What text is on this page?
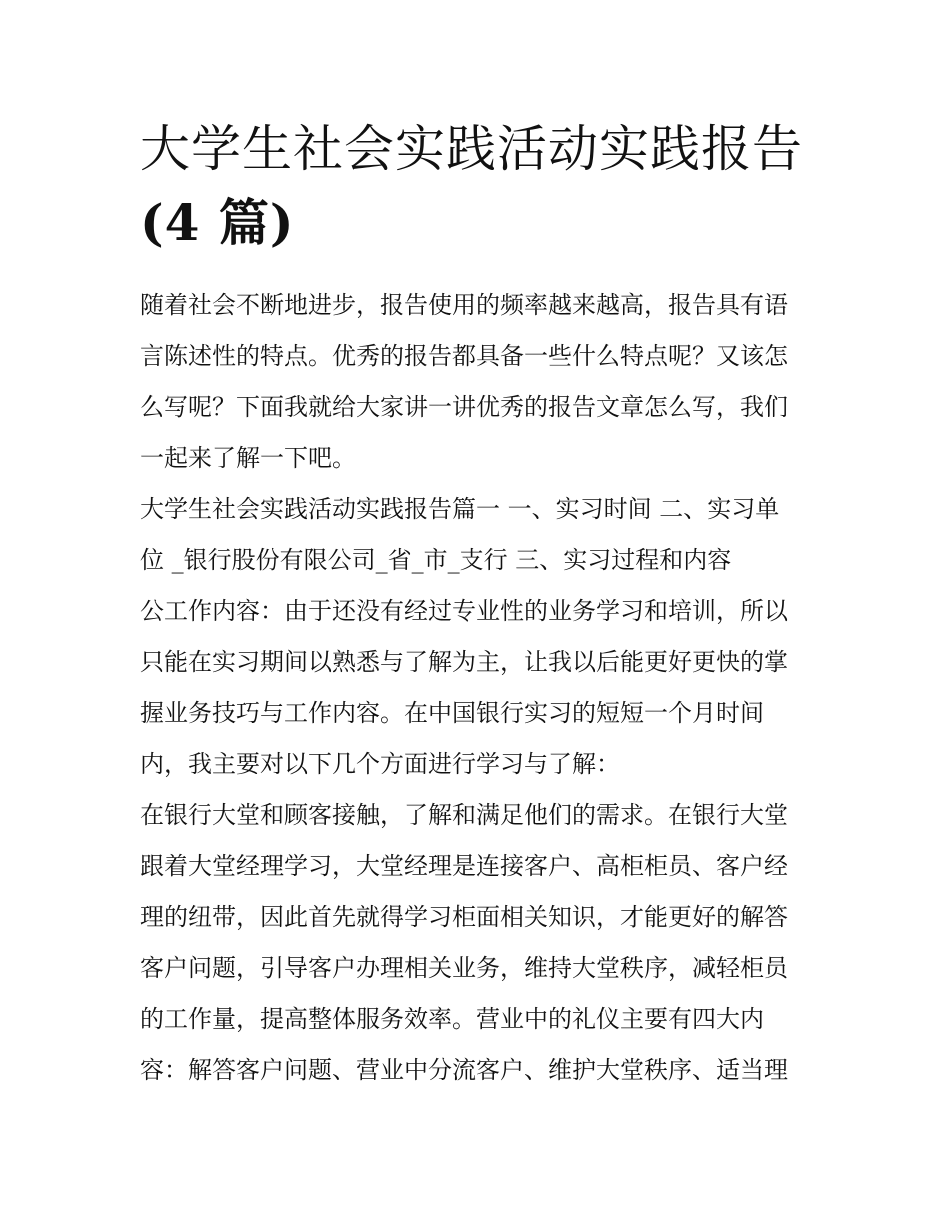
大学生社会实践活动实践报告
(4 篇)
随着社会不断地进步，报告使用的频率越来越高，报告具有语
言陈述性的特点。优秀的报告都具备一些什么特点呢？又该怎
么写呢？下面我就给大家讲一讲优秀的报告文章怎么写，我们
一起来了解一下吧。
大学生社会实践活动实践报告篇一 一、实习时间 二、实习单
位 _银行股份有限公司_省_市_支行 三、实习过程和内容
公工作内容：由于还没有经过专业性的业务学习和培训，所以
只能在实习期间以熟悉与了解为主，让我以后能更好更快的掌
握业务技巧与工作内容。在中国银行实习的短短一个月时间
内，我主要对以下几个方面进行学习与了解：
在银行大堂和顾客接触，了解和满足他们的需求。在银行大堂
跟着大堂经理学习，大堂经理是连接客户、高柜柜员、客户经
理的纽带，因此首先就得学习柜面相关知识，才能更好的解答
客户问题，引导客户办理相关业务，维持大堂秩序，减轻柜员
的工作量，提高整体服务效率。营业中的礼仪主要有四大内
容：解答客户问题、营业中分流客户、维护大堂秩序、适当理
